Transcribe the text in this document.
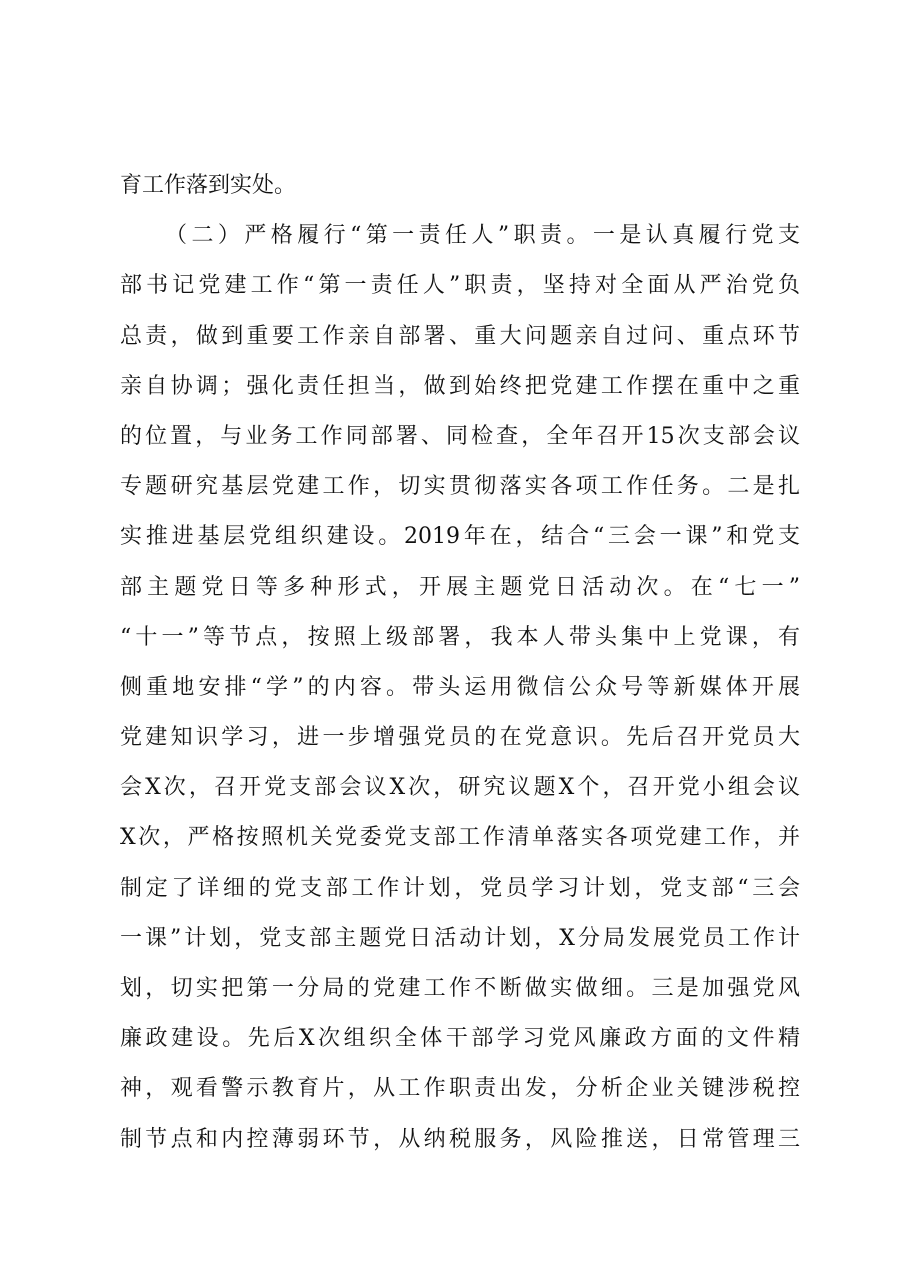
育工作落到实处。
（二）严格履行“第一责任人”职责。一是认真履行党支
部书记党建工作“第一责任人”职责，坚持对全面从严治党负
总责，做到重要工作亲自部署、重大问题亲自过问、重点环节
亲自协调；强化责任担当，做到始终把党建工作摆在重中之重
的位置，与业务工作同部署、同检查，全年召开15次支部会议
专题研究基层党建工作，切实贯彻落实各项工作任务。二是扎
实推进基层党组织建设。2019年在，结合“三会一课”和党支
部主题党日等多种形式，开展主题党日活动次。在“七一”
“十一”等节点，按照上级部署，我本人带头集中上党课，有
侧重地安排“学”的内容。带头运用微信公众号等新媒体开展
党建知识学习，进一步增强党员的在党意识。先后召开党员大
会X次，召开党支部会议X次，研究议题X个，召开党小组会议
X次，严格按照机关党委党支部工作清单落实各项党建工作，并
制定了详细的党支部工作计划，党员学习计划，党支部“三会
一课”计划，党支部主题党日活动计划，X分局发展党员工作计
划，切实把第一分局的党建工作不断做实做细。三是加强党风
廉政建设。先后X次组织全体干部学习党风廉政方面的文件精
神，观看警示教育片，从工作职责出发，分析企业关键涉税控
制节点和内控薄弱环节，从纳税服务，风险推送，日常管理三
